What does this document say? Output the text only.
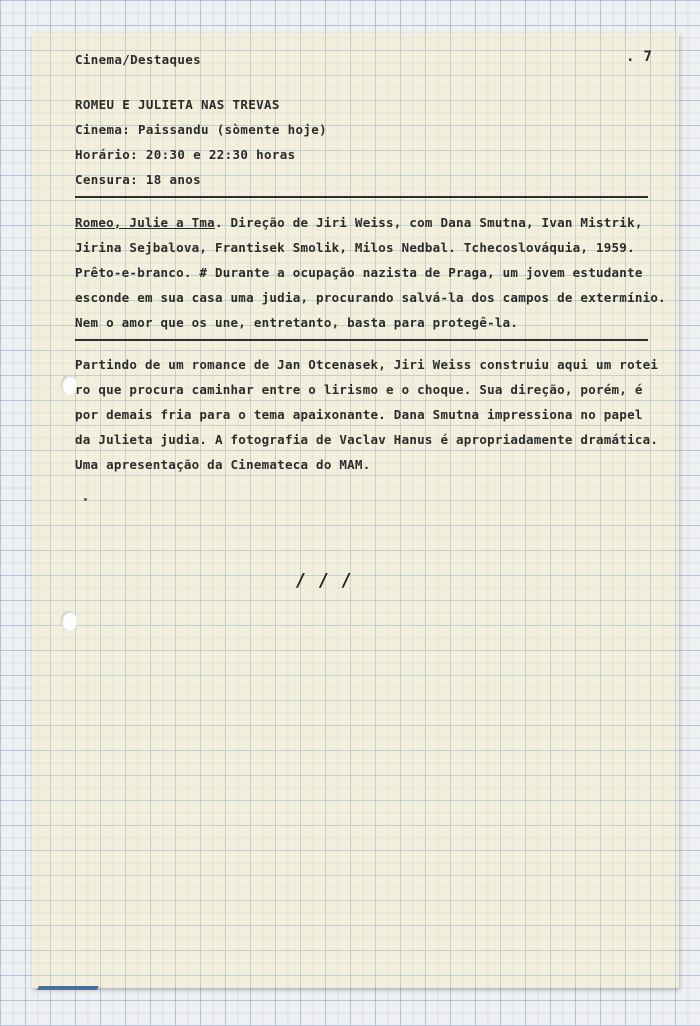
Cinema/Destaques	. 7
ROMEU E JULIETA NAS TREVAS
Cinema: Paissandu (sòmente hoje)
Horário: 20:30 e 22:30 horas
Censura: 18 anos
Romeo, Julie a Tma. Direção de Jiri Weiss, com Dana Smutna, Ivan Mistrik,
Jirina Sejbalova, Frantisek Smolik, Milos Nedbal. Tchecoslováquia, 1959.
Prêto-e-branco. # Durante a ocupação nazista de Praga, um jovem estudante
esconde em sua casa uma judia, procurando salvá-la dos campos de extermínio.
Nem o amor que os une, entretanto, basta para protegê-la.
Partindo de um romance de Jan Otcenasek, Jiri Weiss construiu aqui um rotei
ro que procura caminhar entre o lirismo e o choque. Sua direção, porém, é
por demais fria para o tema apaixonante. Dana Smutna impressiona no papel
da Julieta judia. A fotografia de Vaclav Hanus é apropriadamente dramática.
Uma apresentação da Cinemateca do MAM.
///
